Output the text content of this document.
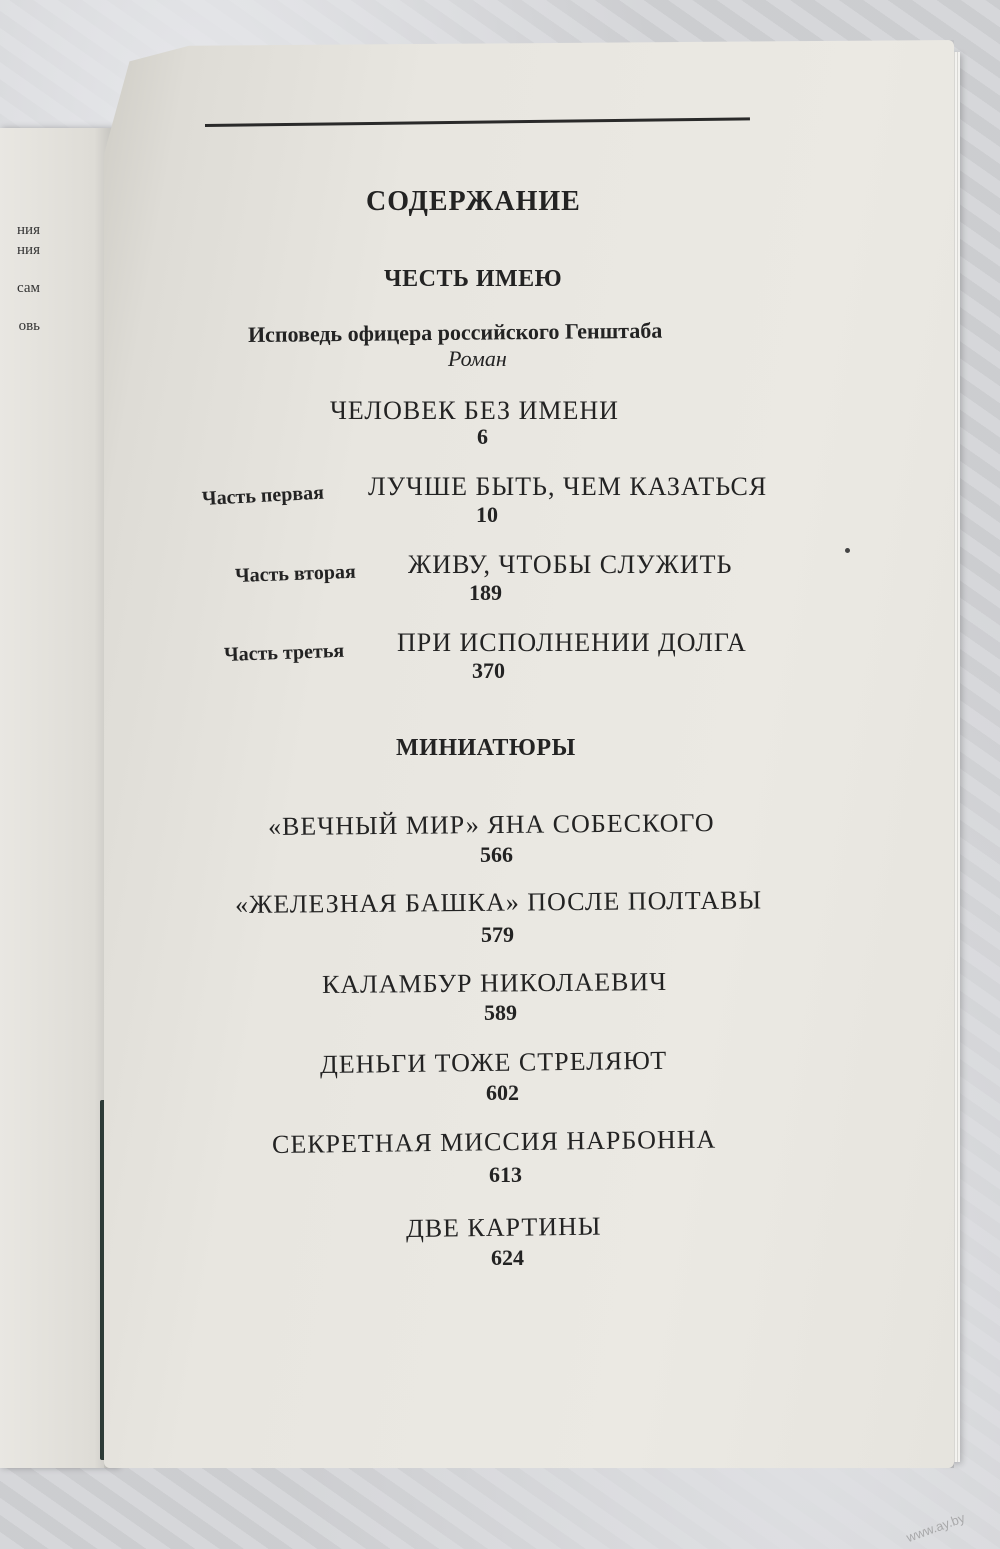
ния
ния
сам
овь
СОДЕРЖАНИЕ
ЧЕСТЬ ИМЕЮ
Исповедь офицера российского Генштаба
Роман
ЧЕЛОВЕК БЕЗ ИМЕНИ
6
Часть первая ЛУЧШЕ БЫТЬ, ЧЕМ КАЗАТЬСЯ
10
Часть вторая ЖИВУ, ЧТОБЫ СЛУЖИТЬ
189
Часть третья ПРИ ИСПОЛНЕНИИ ДОЛГА
370
МИНИАТЮРЫ
«ВЕЧНЫЙ МИР» ЯНА СОБЕСКОГО
566
«ЖЕЛЕЗНАЯ БАШКА» ПОСЛЕ ПОЛТАВЫ
579
КАЛАМБУР НИКОЛАЕВИЧ
589
ДЕНЬГИ ТОЖЕ СТРЕЛЯЮТ
602
СЕКРЕТНАЯ МИССИЯ НАРБОННА
613
ДВЕ КАРТИНЫ
624
www.ay.by
